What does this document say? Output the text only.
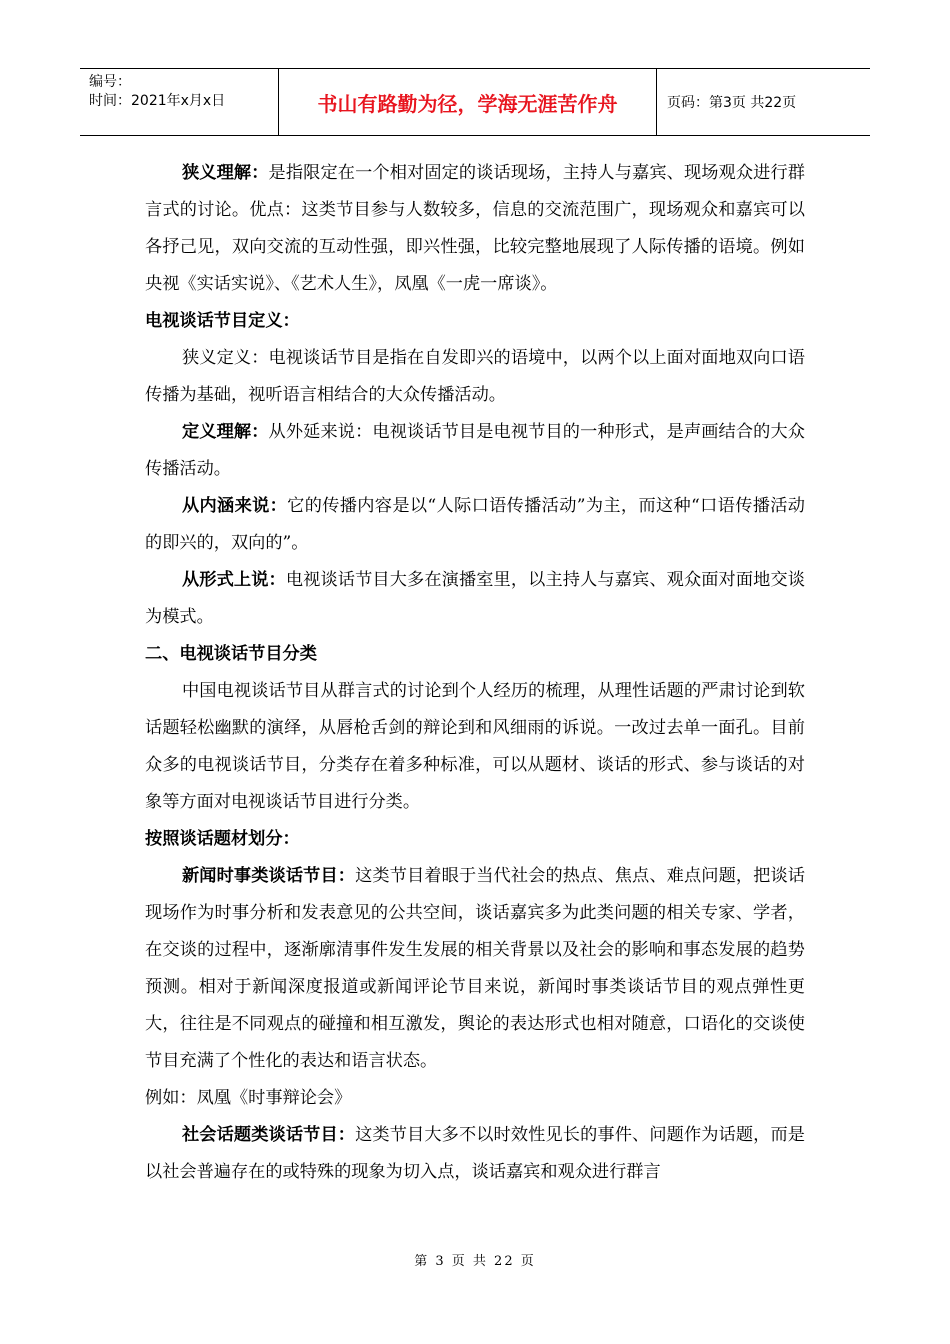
编号：
时间：2021年x月x日	书山有路勤为径，学海无涯苦作舟	页码：第3页 共22页

狭义理解：是指限定在一个相对固定的谈话现场，主持人与嘉宾、现场观众进行群言式的讨论。优点：这类节目参与人数较多，信息的交流范围广，现场观众和嘉宾可以各抒己见，双向交流的互动性强，即兴性强，比较完整地展现了人际传播的语境。例如央视《实话实说》、《艺术人生》，凤凰《一虎一席谈》。

电视谈话节目定义：

狭义定义：电视谈话节目是指在自发即兴的语境中，以两个以上面对面地双向口语传播为基础，视听语言相结合的大众传播活动。

定义理解：从外延来说：电视谈话节目是电视节目的一种形式，是声画结合的大众传播活动。

从内涵来说：它的传播内容是以“人际口语传播活动”为主，而这种“口语传播活动的即兴的，双向的”。

从形式上说：电视谈话节目大多在演播室里，以主持人与嘉宾、观众面对面地交谈为模式。

二、电视谈话节目分类

中国电视谈话节目从群言式的讨论到个人经历的梳理，从理性话题的严肃讨论到软话题轻松幽默的演绎，从唇枪舌剑的辩论到和风细雨的诉说。一改过去单一面孔。目前众多的电视谈话节目，分类存在着多种标准，可以从题材、谈话的形式、参与谈话的对象等方面对电视谈话节目进行分类。

按照谈话题材划分：

新闻时事类谈话节目：这类节目着眼于当代社会的热点、焦点、难点问题，把谈话现场作为时事分析和发表意见的公共空间，谈话嘉宾多为此类问题的相关专家、学者，在交谈的过程中，逐渐廓清事件发生发展的相关背景以及社会的影响和事态发展的趋势预测。相对于新闻深度报道或新闻评论节目来说，新闻时事类谈话节目的观点弹性更大，往往是不同观点的碰撞和相互激发，舆论的表达形式也相对随意，口语化的交谈使节目充满了个性化的表达和语言状态。

例如：凤凰《时事辩论会》

社会话题类谈话节目：这类节目大多不以时效性见长的事件、问题作为话题，而是以社会普遍存在的或特殊的现象为切入点，谈话嘉宾和观众进行群言

第 3 页 共 22 页
